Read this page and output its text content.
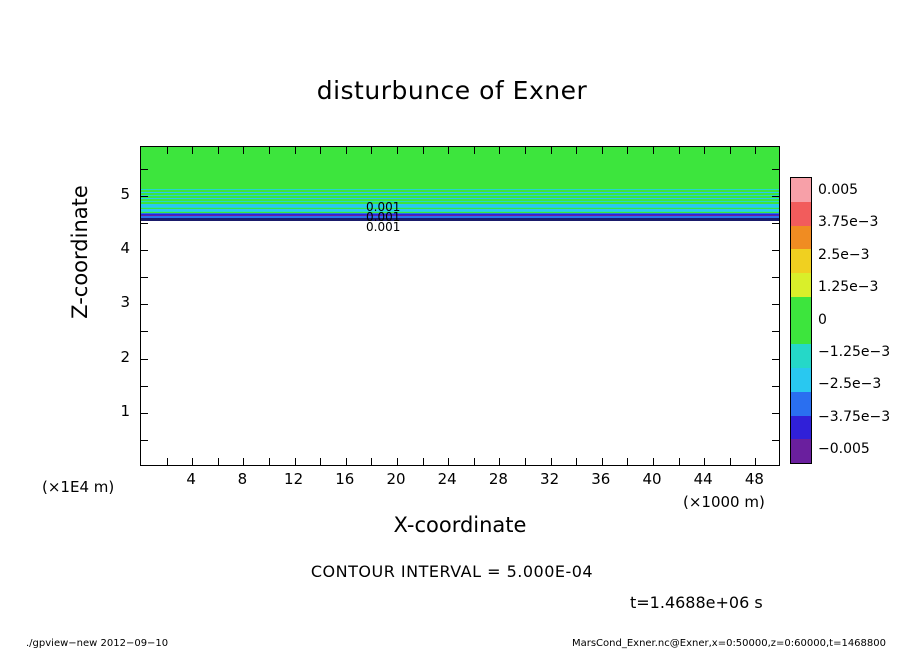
disturbunce of Exner
0.001
0.001
0.001
4	8	12	16	20	24	28	32	36	40	44	48
1
2
3
4
5
Z-coordinate
X-coordinate
(×1E4 m)
(×1000 m)
CONTOUR INTERVAL = 5.000E-04
t=1.4688e+06 s
./gpview−new 2012−09−10	MarsCond_Exner.nc@Exner,x=0:50000,z=0:60000,t=1468800
0.005
3.75e−3
2.5e−3
1.25e−3
0
−1.25e−3
−2.5e−3
−3.75e−3
−0.005
